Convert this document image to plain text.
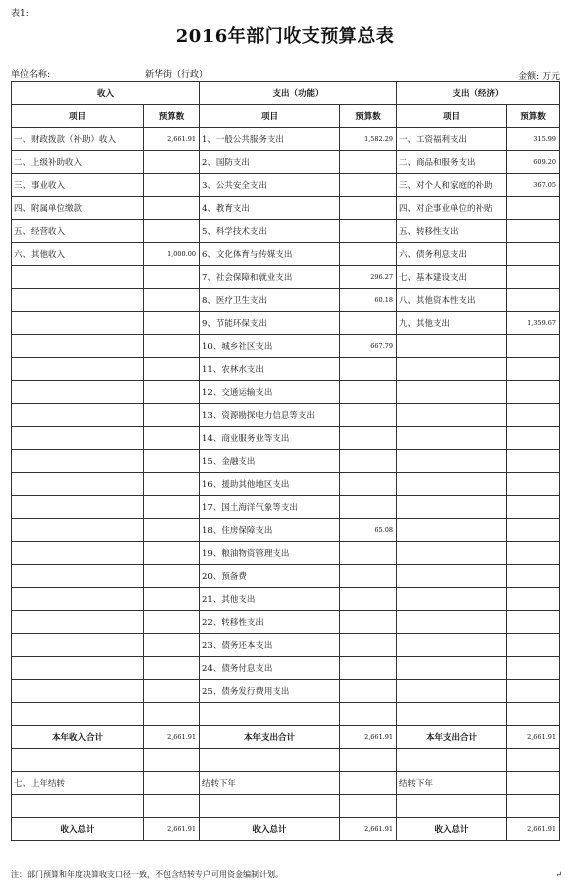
表1:
2016年部门收支预算总表
单位名称:	新华街（行政）	金额: 万元
收入		支出（功能）		支出（经济）	
项目	预算数	项目	预算数	项目	预算数
一、财政拨款（补助）收入	2,661.91	1、一般公共服务支出	1,582.29	一、工资福利支出	315.99
二、上级补助收入		2、国防支出		二、商品和服务支出	609.20
三、事业收入		3、公共安全支出		三、对个人和家庭的补助	367.05
四、附属单位缴款		4、教育支出		四、对企事业单位的补贴	
五、经营收入		5、科学技术支出		五、转移性支出	
六、其他收入	1,000.00	6、文化体育与传媒支出		六、债务利息支出	
		7、社会保障和就业支出	296.27	七、基本建设支出	
		8、医疗卫生支出	60.18	八、其他资本性支出	
		9、节能环保支出		九、其他支出	1,359.67
		10、城乡社区支出	667.79		
		11、农林水支出			
		12、交通运输支出			
		13、资源勘探电力信息等支出			
		14、商业服务业等支出			
		15、金融支出			
		16、援助其他地区支出			
		17、国土海洋气象等支出			
		18、住房保障支出	65.08		
		19、粮油物资管理支出			
		20、预备费			
		21、其他支出			
		22、转移性支出			
		23、债务还本支出			
		24、债务付息支出			
		25、债务发行费用支出			

本年收入合计	2,661.91	本年支出合计	2,661.91	本年支出合计	2,661.91

七、上年结转		结转下年		结转下年	

收入总计	2,661.91	收入总计	2,661.91	收入总计	2,661.91
注：部门预算和年度决算收支口径一致，不包含结转专户可用资金编制计划。	↵
